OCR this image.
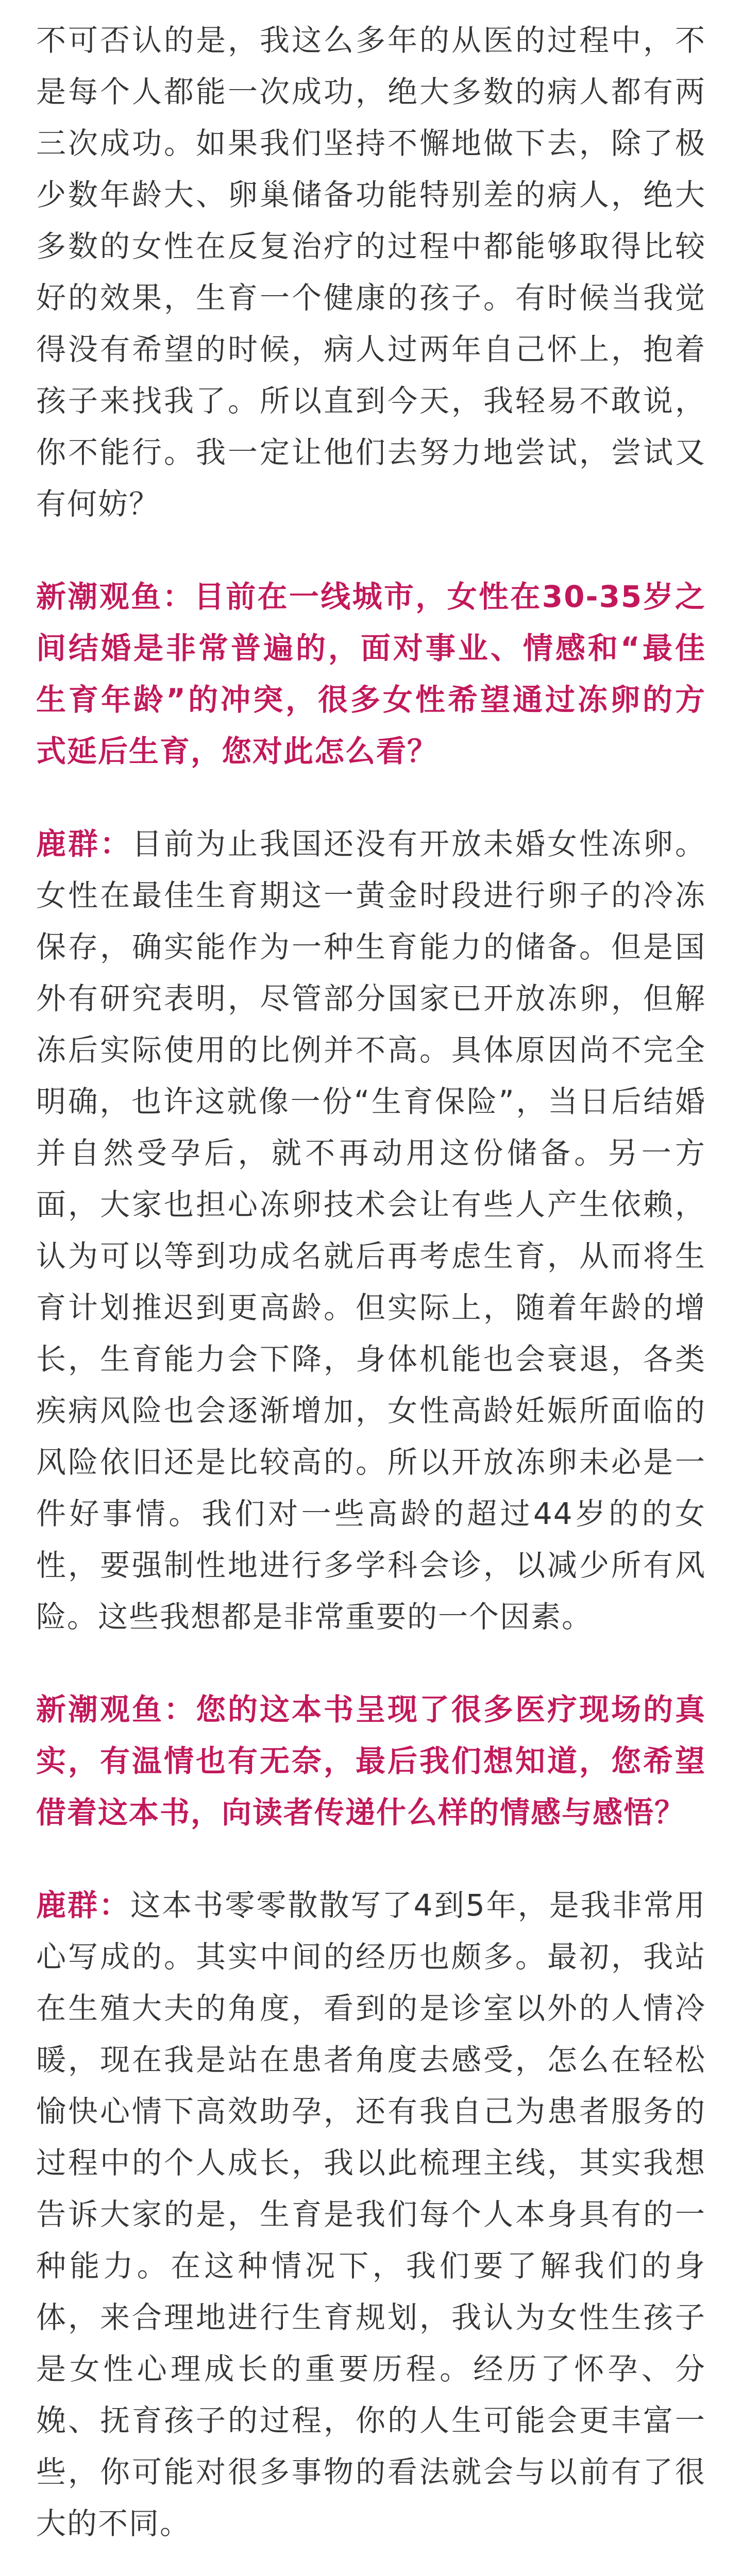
不可否认的是，我这么多年的从医的过程中，不是每个人都能一次成功，绝大多数的病人都有两三次成功。如果我们坚持不懈地做下去，除了极少数年龄大、卵巢储备功能特别差的病人，绝大多数的女性在反复治疗的过程中都能够取得比较好的效果，生育一个健康的孩子。有时候当我觉得没有希望的时候，病人过两年自己怀上，抱着孩子来找我了。所以直到今天，我轻易不敢说，你不能行。我一定让他们去努力地尝试，尝试又有何妨？

新潮观鱼：目前在一线城市，女性在30-35岁之间结婚是非常普遍的，面对事业、情感和“最佳生育年龄”的冲突，很多女性希望通过冻卵的方式延后生育，您对此怎么看？

鹿群：目前为止我国还没有开放未婚女性冻卵。女性在最佳生育期这一黄金时段进行卵子的冷冻保存，确实能作为一种生育能力的储备。但是国外有研究表明，尽管部分国家已开放冻卵，但解冻后实际使用的比例并不高。具体原因尚不完全明确，也许这就像一份“生育保险”，当日后结婚并自然受孕后，就不再动用这份储备。另一方面，大家也担心冻卵技术会让有些人产生依赖，认为可以等到功成名就后再考虑生育，从而将生育计划推迟到更高龄。但实际上，随着年龄的增长，生育能力会下降，身体机能也会衰退，各类疾病风险也会逐渐增加，女性高龄妊娠所面临的风险依旧还是比较高的。所以开放冻卵未必是一件好事情。我们对一些高龄的超过44岁的的女性，要强制性地进行多学科会诊，以减少所有风险。这些我想都是非常重要的一个因素。

新潮观鱼：您的这本书呈现了很多医疗现场的真实，有温情也有无奈，最后我们想知道，您希望借着这本书，向读者传递什么样的情感与感悟？

鹿群：这本书零零散散写了4到5年，是我非常用心写成的。其实中间的经历也颇多。最初，我站在生殖大夫的角度，看到的是诊室以外的人情冷暖，现在我是站在患者角度去感受，怎么在轻松愉快心情下高效助孕，还有我自己为患者服务的过程中的个人成长，我以此梳理主线，其实我想告诉大家的是，生育是我们每个人本身具有的一种能力。在这种情况下，我们要了解我们的身体，来合理地进行生育规划，我认为女性生孩子是女性心理成长的重要历程。经历了怀孕、分娩、抚育孩子的过程，你的人生可能会更丰富一些，你可能对很多事物的看法就会与以前有了很大的不同。
